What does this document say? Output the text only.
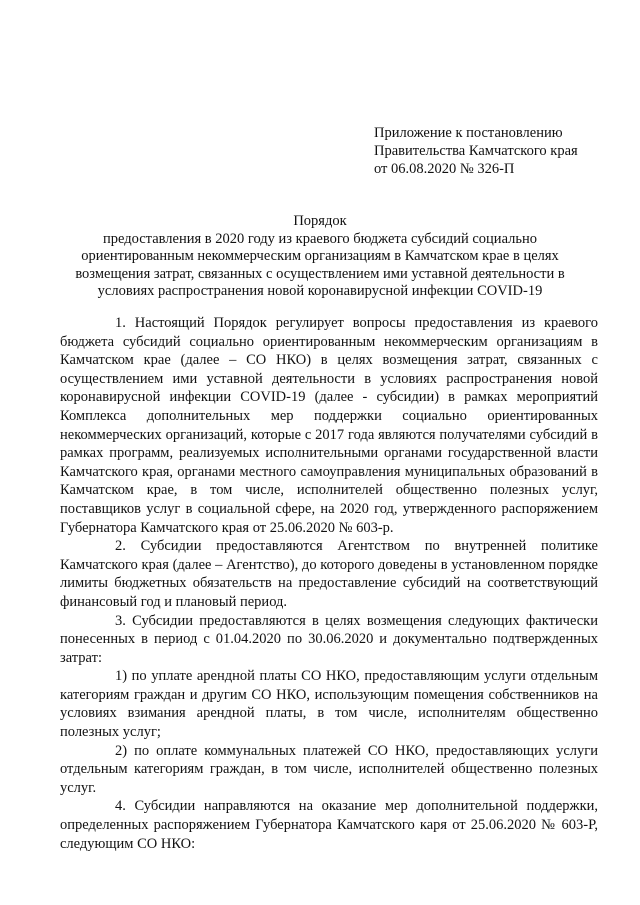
Приложение к постановлению
Правительства Камчатского края
от 06.08.2020 № 326-П
Порядок
предоставления в 2020 году из краевого бюджета субсидий социально
ориентированным некоммерческим организациям в Камчатском крае в целях
возмещения затрат, связанных с осуществлением ими уставной деятельности в
условиях распространения новой коронавирусной инфекции COVID-19

1. Настоящий Порядок регулирует вопросы предоставления из краевого бюджета субсидий социально ориентированным некоммерческим организациям в Камчатском крае (далее – СО НКО) в целях возмещения затрат, связанных с осуществлением ими уставной деятельности в условиях распространения новой коронавирусной инфекции COVID-19 (далее - субсидии) в рамках мероприятий Комплекса дополнительных мер поддержки социально ориентированных некоммерческих организаций, которые с 2017 года являются получателями субсидий в рамках программ, реализуемых исполнительными органами государственной власти Камчатского края, органами местного самоуправления муниципальных образований в Камчатском крае, в том числе, исполнителей общественно полезных услуг, поставщиков услуг в социальной сфере, на 2020 год, утвержденного распоряжением Губернатора Камчатского края от 25.06.2020 № 603-р.

2. Субсидии предоставляются Агентством по внутренней политике Камчатского края (далее – Агентство), до которого доведены в установленном порядке лимиты бюджетных обязательств на предоставление субсидий на соответствующий финансовый год и плановый период.

3. Субсидии предоставляются в целях возмещения следующих фактически понесенных в период с 01.04.2020 по 30.06.2020 и документально подтвержденных затрат:

1) по уплате арендной платы СО НКО, предоставляющим услуги отдельным категориям граждан и другим СО НКО, использующим помещения собственников на условиях взимания арендной платы, в том числе, исполнителям общественно полезных услуг;

2) по оплате коммунальных платежей СО НКО, предоставляющих услуги отдельным категориям граждан, в том числе, исполнителей общественно полезных услуг.

4. Субсидии направляются на оказание мер дополнительной поддержки, определенных распоряжением Губернатора Камчатского каря от 25.06.2020 № 603-Р, следующим СО НКО:
